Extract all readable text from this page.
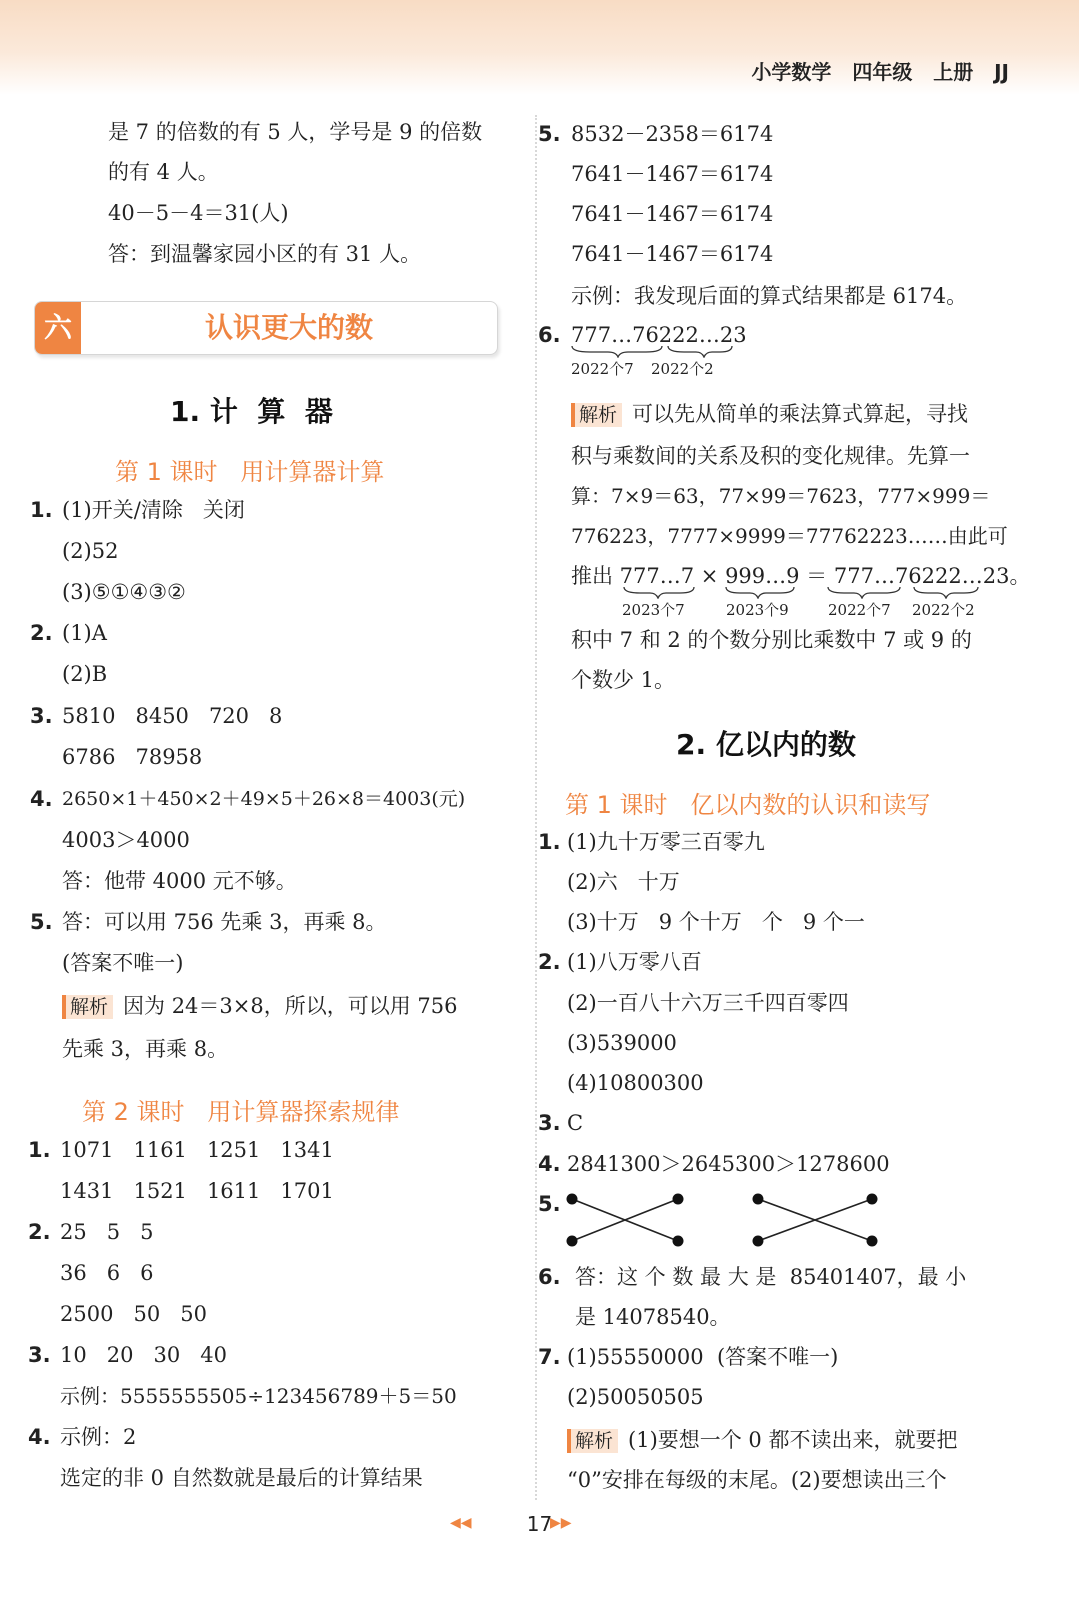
小学数学   四年级   上册   JJ
是 7 的倍数的有 5 人，学号是 9 的倍数
的有 4 人。
40－5－4＝31(人)
答：到温馨家园小区的有 31 人。
六	认识更大的数
1. 计  算  器
第 1 课时   用计算器计算
1. (1)开关/清除   关闭
(2)52
(3)⑤①④③②
2. (1)A
(2)B
3. 5810   8450   720   8
6786   78958
4. 2650×1＋450×2＋49×5＋26×8＝4003(元)
4003＞4000
答：他带 4000 元不够。
5. 答：可以用 756 先乘 3，再乘 8。
(答案不唯一)
解析 因为 24＝3×8，所以，可以用 756
先乘 3，再乘 8。
第 2 课时   用计算器探索规律
1. 1071   1161   1251   1341
1431   1521   1611   1701
2. 25   5   5
36   6   6
2500   50   50
3. 10   20   30   40
示例：5555555505÷123456789＋5＝50
4. 示例：2
选定的非 0 自然数就是最后的计算结果
5. 8532－2358＝6174
7641－1467＝6174
7641－1467＝6174
7641－1467＝6174
示例：我发现后面的算式结果都是 6174。
6. 777…76222…23
2022个7 2022个2
解析 可以先从简单的乘法算式算起，寻找
积与乘数间的关系及积的变化规律。先算一
算：7×9＝63，77×99＝7623，777×999＝
776223，7777×9999＝77762223……由此可
推出 777…7 × 999…9 ＝ 777…76222…23。
2023个7	2023个9	2022个7 2022个2
积中 7 和 2 的个数分别比乘数中 7 或 9 的
个数少 1。
2. 亿以内的数
第 1 课时   亿以内数的认识和读写
1. (1)九十万零三百零九
(2)六   十万
(3)十万   9 个十万   个   9 个一
2. (1)八万零八百
(2)一百八十六万三千四百零四
(3)539000
(4)10800300
3. C
4. 2841300＞2645300＞1278600
5.
6. 答：这 个 数 最 大 是  85401407，最 小
是 14078540。
7. (1)55550000  (答案不唯一)
(2)50050505
解析 (1)要想一个 0 都不读出来，就要把
“0”安排在每级的末尾。(2)要想读出三个
◀◀	17
▶▶
